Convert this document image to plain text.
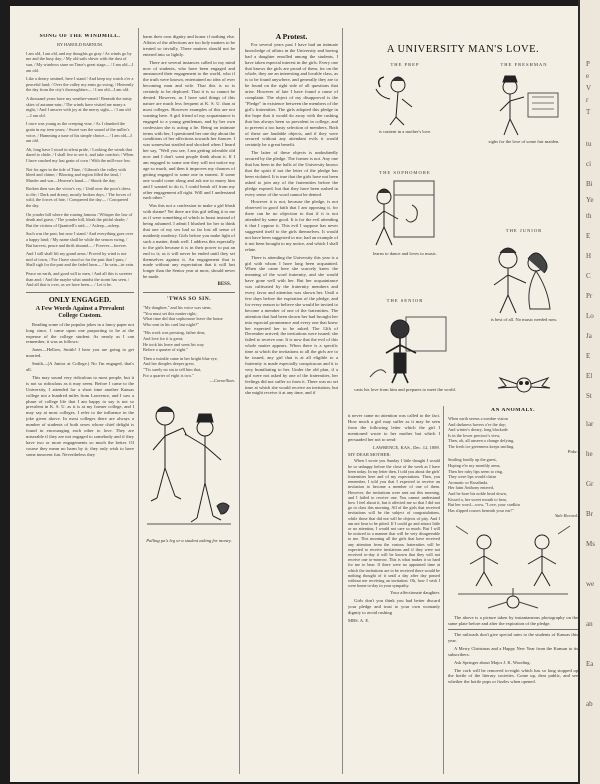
SONG OF THE WINDMILL.
BY HAROLD BARNUM.
I am old, I am old, and my thoughts go gray / As winds go by me and the busy day; / My old sails shiver with the dust of sun, / My windows stare on Time's great stage— / I am old—I am old.
Like a dreary sentinel, here I stand / And keep my watch o'er a peaceful land; / Over the valley my arms go swing, / Heavenly the day from the city's thoroughfare— / I am old—I am old.
A thousand years have my weather-vaned / Beneath the misty skies of autumn-rain; / The winds have visited me many a night, / And I answer with joy at the merry sight— / I am old—I am old.
I once was young as the creeping vine, / As I chunked the grain in my teen years; / Sweet was the sound of the miller's voice, / Humming a tune of his simple choice— / I am old—I am old.
Ah, long have I stood in silent pride, / Looking the winds that dared to chide; / I shall live to see it, and take comfort; / When I have crushed my last grain of corn / With the mill-race low.
Not for ages in the tide of Time, / Gibson's the valley with bleed and chime; / Blowing and region filled the land, / Murder and war—Heaven's hand— / Shook the day.
Broken then was the victor's cry, / Until now the poor's dress to die; / Dark and dreary, mostly broken days, / The forces of wild, the forces of fate, / Conquered the day— / Conquered the day.
On yonder hill where the roaring famous / Whisper the law of death and grave, / The yonder hill, bleak the pitiful shade; / But the victims of Quantrell's raid— / Asleep—asleep.
Such was the past; but now I stand / And everything goes over a happy land; / My name shall be while the season swing, / But harvest, peace and thrift abound— / Forever—forever.
And I still shall lift my grand arms / Proved by wind is not mid of town, / For I have stood so far the past that I pass; / Shall sigh for the past and the faded lawn— / In vain—in vain.
Peace on earth, and good will to men, / And all this is sweeter than and; / And the maybe what amidst the storm has seen, / And all that is over, as we have been— / Let it be.
ONLY ENGAGED.
A Few Words Against a Prevalent College Custom.

Reading some of the popular jokes in a fancy paper not long since, I came upon one purporting to be at the expense of the college student. As nearly as I can remember, it was as follows:

Jones—Hellow, Smith! I hear you are going to get married.

Smith—(A Junior at College.) No I'm engaged, that's all.

This may sound very ridiculous to most people, but it is not so ridiculous as it may seem. Before I came to the University, I attended for a short time another Kansas college not a hundred miles from Lawrence, and I saw a phase of college life that I am happy to say is not so prevalent in K. S. U. as it is at my former college, and I may say at most colleges. I refer to the influence in the joke given above. In most colleges there are always a number of students of both sexes whose chief delight is found in encouraging each other to love. They are miserable if they are not engaged to somebody and if they have two or more engagements so much the better. Of course they mean no harm by it; they only wish to have some innocent fun. Nevertheless they

harm their own dignity and honor if nothing else. Affairs of the affections are too holy matters to be treated so trivially. These matters should not be entered into so lightly.

There are several instances called to my mind now of students, who have been engaged and announced their engagement to the world, who if the truth were known, entertained no idea of ever becoming man and wife. That this is so is certainly to be deplored. That it is so cannot be denied. However, as I have said things of this nature are much less frequent at K. S. U. than at most colleges. However examples of this are not wanting here. A girl friend of my acquaintance is engaged to a young gentleman, and by her own confession she is acting a lie. Being on intimate terms with her, I questioned her one day about the conditions of her affections towards her fiancee. I was somewhat startled and shocked when I heard her say, "Well you see, I am getting tolerable old now and I don't want people think about it. If I am engaged to some one they will not notice my age so much, and then it improves my chances of getting engaged to some one in earnest. If some one would come along and ask me to marry him and I wanted to do it, I could break off from my other engagement all right. Will and I understand each other."

Was this not a confession to make a girl blush with shame? Yet there are this girl telling it to me as if were something of which to boast instead of being ashamed. I admit I blushed for her to think that one of my sex had so far lost all sense of maidenly modesty. Girls before you make light of such a matter, think well. I address this especially to the girls because it is in their power to put an end to it; as it will never be ended until they set themselves against it. An engagement that is made without any expectation that it will last longer than the Senior year at most, should never be made.

BESS.
'TWAS SO SIN.
"My daughter," and his voice was stern,
"You must set this matter right;
What time did that sophomore leave the house
Who sent in his card last night?"
"His work was pressing, father dear,
And love for it is great;
He took his leave and went his way
Before a quarter of eight."
Then a twinkle came in her bright blue eye,
And her dimples deeper grew,
"'Tis surely no sin to tell him that,
For a quarter of eight is two."
—Cornellian.
Pulling pa's leg or a student asking for money.
A Protest.

For several years past I have had an intimate knowledge of affairs in the University and having had a daughter enrolled among the students, I have taken especial interest in the girls. Every one that knows the girls are proud of them, for on the whole, they are an interesting and lovable class, as is to be found anywhere, and generally they are to be found on the right side of all questions that arise. However of late I have found a cause of complaint. The object of my disapproval is the "Pledge" in existence between the members of the girl's fraternities. The girls adopted this pledge in the hope that it would do away with the rushing that has always been so prevalent in college, and to prevent a too hasty selection of members. Both of these are laudable objects, and if they were secured without any attendant evils it would certainly be a great benefit.

The latter of these objects is undoubtedly secured by the pledge. The former is not. Any one that has been in the halls of the University knows that the spirit if not the letter of the pledge has been violated. It is true that the girls have not been asked to join any of the fraternities before the pledge expired, but that they have been rushed in every sense of the word cannot be denied.

However it is not, because the pledge, is not observed in good faith that I am opposing it, for there can be no objection to that if it is not attended by some good. It is for the evil attending it that I oppose it. This evil I suppose has never suggested itself to the girls themselves. It would not have been suggested to me, had an example of it not been brought to my notice, and which I shall relate.

There is attending the University this year is a girl with whom I have long been acquainted. When she came here she scarcely knew the meaning of the word fraternity, and she would have gone well with her. But her acquaintance was cultivated by the fraternity members and every favor and attention was shown her. Until a few days before the expiration of the pledge, and for every reason to believe she would be invited to become a member of one of the fraternities. The attention that had been shown her had brought her into especial prominence and every one that knew her expected her to be asked. The 12th of December arrived; the invitations were issued; she failed to receive one. It is now that the evil of this whole matter appears. When there is a specific time at which the invitations to all the girls are to be issued, any girl that is at all eligible to a fraternity is made especially conspicuous and it is very humiliating to her. Under the old plan, if a girl were not asked by one of the fraternities, her feelings did not suffer so from it. There was no set time at which she would receive an invitation, but she might receive it at any time, and if

it never came no attention was called to the fact. How much a girl may suffer as it may be seen from the following letter which the girl I mentioned wrote to her mother but which I persuaded her not to send:

LAWRENCE, KAS., Dec. 12, 1889.
MY DEAR MOTHER:

When I wrote you Sunday I little thought I would be so unhappy before the close of the week as I have been today. In my letter then, I told you about the girls' fraternities here and of my expectations. Then, you remember, I told you that I expected to receive an invitation to become a member of one of them. However, the invitations were sent out this morning, and I failed to receive one. You cannot understand how I feel about it, but it affected me so that I did not go to class this morning. All of the girls that received invitations will be the subject of congratulations, while those that did not will be objects of pity. And I am not hear to be pitied. If I could go and attract little or no attention, I would not care so much. But I will be noticed in a manner that will be very disagreeable to me. This morning all the girls that have received any attention from the various fraternities will be expected to receive invitations and if they were not received to-day it will be known that they will not receive one to-morrow. This is what makes it so hard for me to bear. If there were no appointed time at which the invitations are to be received there would be nothing thought of it until a day after day passed without me receiving an invitation. Oh, how I wish I were home to-day in your sympathy.

Your affectionate daughter.

Girls don't you think you had better discard your pledge and trust to your own womanly dignity to avoid rushing

MRS. A. E.
A UNIVERSITY MAN'S LOVE.
THE PREP
is content in a mother's love.
THE FRESHMAN
sighs for the love of some fair maiden.
THE SOPHOMORE
learns to dance and loves to music.
THE JUNIOR
is best of all. No music needed now.
THE SENIOR
casts his love from him and prepares to meet the world.
AN ANOMALY.
When earth seems a sombre vision
And darkness hovers o'er the day;
And winter's dreary, long blackade
Is in the lower precinct's view,
Then, oh, all unseen a change defying,
The fresh ice greenness keeps smiling.
Puke.
Smiling fondly up the guest,
Hoping e'er my monthly arms,
Then her ruby lips seem to ring,
They were lips would claim
Aromatic or Rosalinda.
Her faint Anthony entered,
And he bore his noble head down,
Kissed a, her sweet mouth to hear,
But her word—wow, "Love, your cardkin
Has slipped rouxes beneath your ear!"
Yale Record.

The above is a picture taken by instantaneous photography on the same plate before and after the expiration of the pledge.

The railroads don't give special rates to the students of Kansas this year.

A Merry Christmas and a Happy New Year from the Kansan to its subscribers.

Ask Springer about Major J. K. Wooding.

The cork will be removed to-night which has so long stopped up the bottle of the literary societies. Come up, dear public, and see whether the bottle pops or fizzles when opened.

P
e
V
r
T
tu
ci
Bi
Ye
th
E
H
C
Pr
Lo
Ja
E
El
St
lar
he
Gr
Br
Ms
we
an
Ea
ab
